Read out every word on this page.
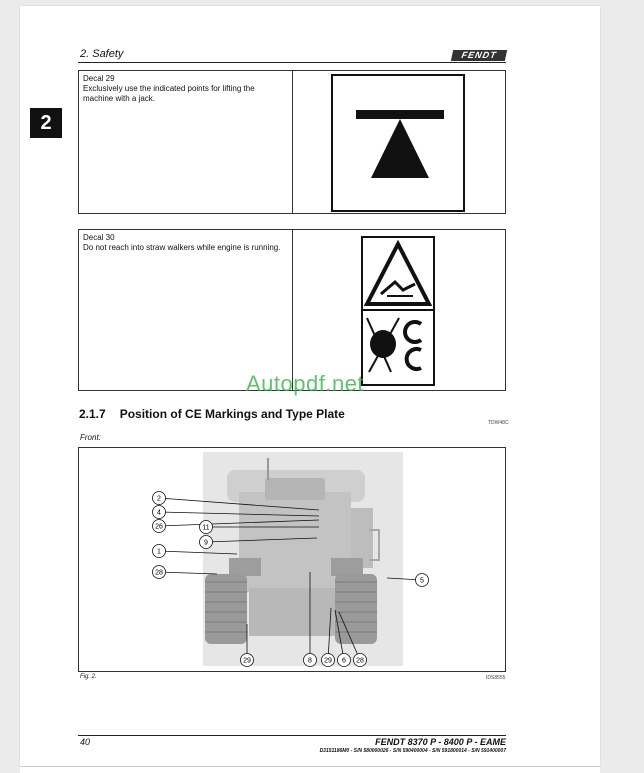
2. Safety	FENDT
2
Decal 29
Exclusively use the indicated points for lifting the machine with a jack.
Decal 30
Do not reach into straw walkers while engine is running.
Autopdf.net
2.1.7 Position of CE Markings and Type Plate
TDW48C
Front:
2
4
26	11
9
1
28
5
29	8 29 6 28
Fig. 2.	IDS8555
40	FENDT 8370 P - 8400 P - EAME
D3151186M0 - S/N 580000026 - S/N 590400004 - S/N 591800014 - S/N 591400007
